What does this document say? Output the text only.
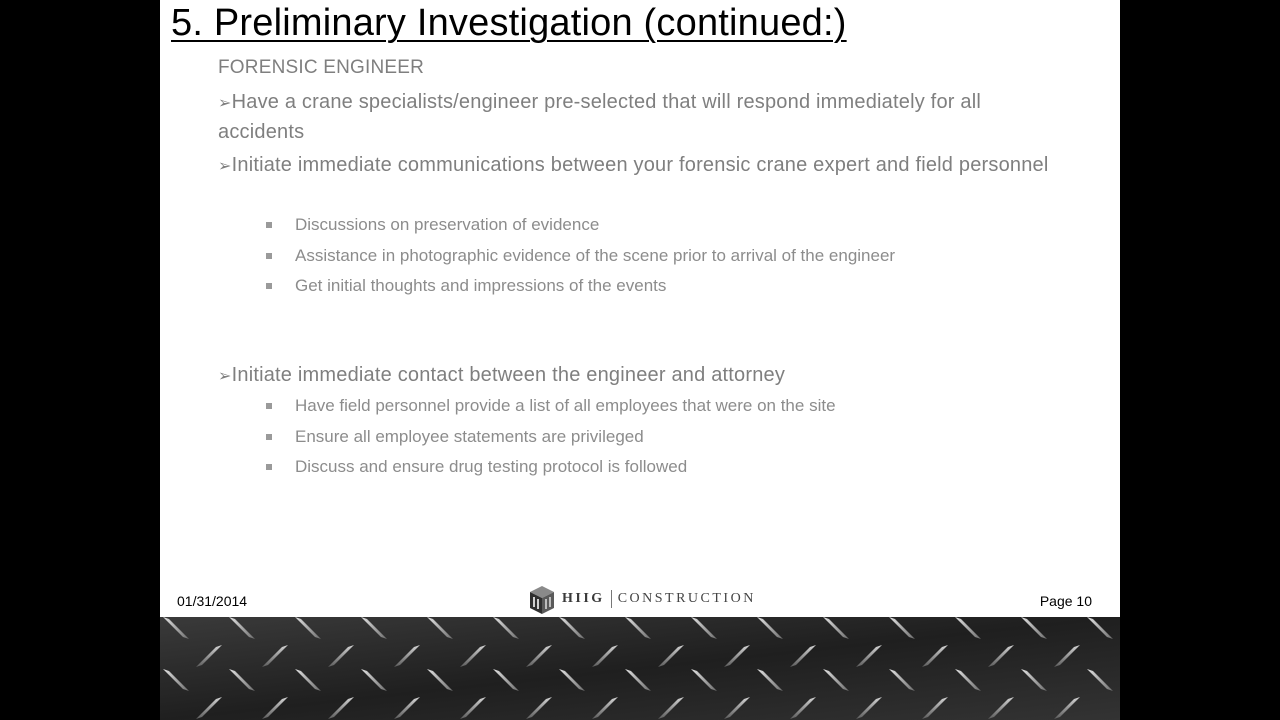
5. Preliminary Investigation (continued:)
FORENSIC ENGINEER
➢Have a crane specialists/engineer pre-selected that will respond immediately for all accidents
➢Initiate immediate communications between your forensic crane expert and field personnel
Discussions on preservation of evidence
Assistance in photographic evidence of the scene prior to arrival of the engineer
Get initial thoughts and impressions of the events
➢Initiate immediate contact between the engineer and attorney
Have field personnel provide a list of all employees that were on the site
Ensure all employee statements are privileged
Discuss and ensure drug testing protocol is followed
01/31/2014	HIIG CONSTRUCTION	Page 10
